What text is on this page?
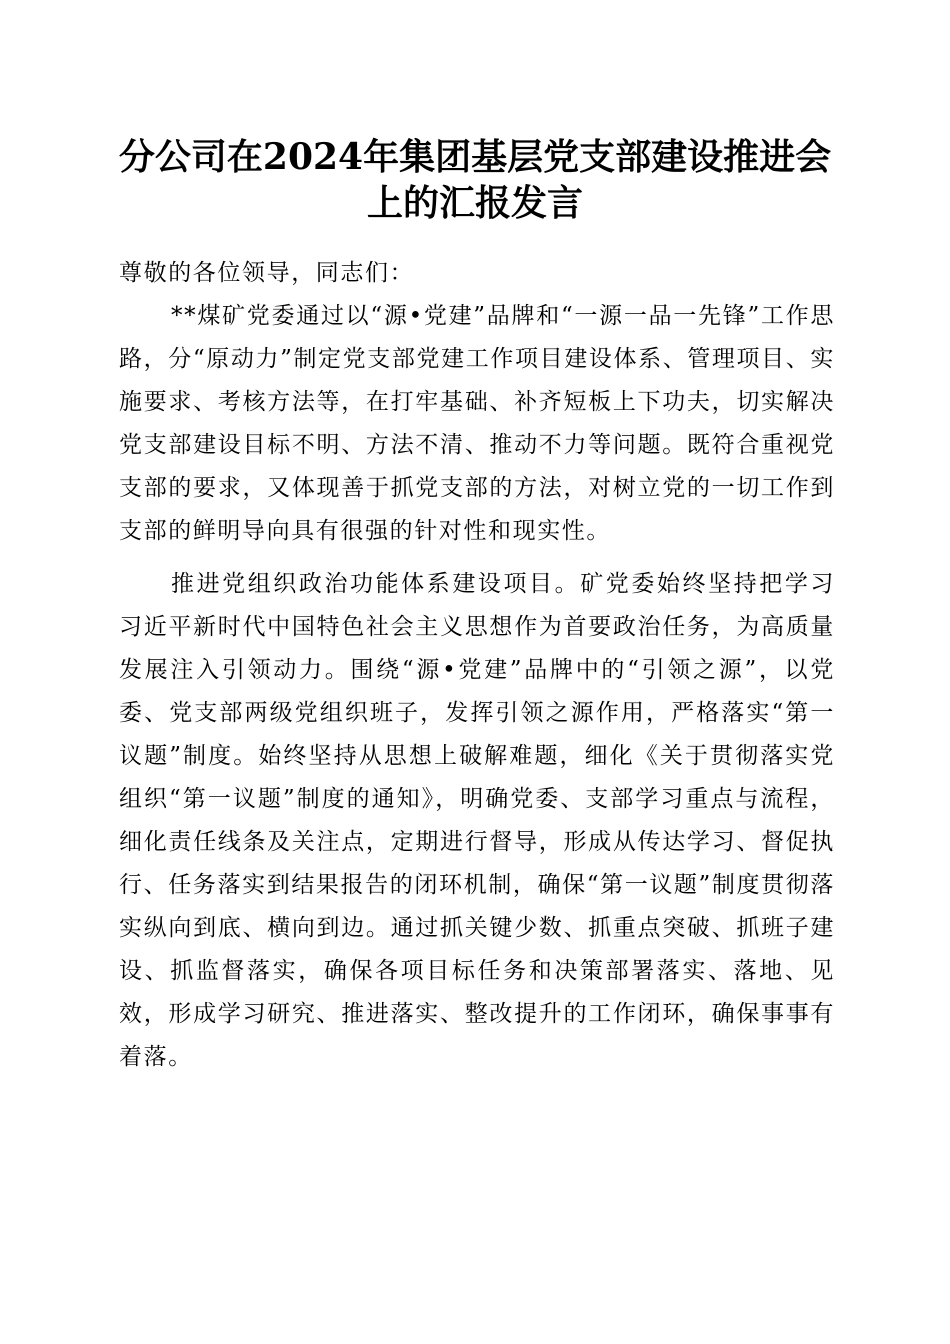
分公司在2024年集团基层党支部建设推进会
上的汇报发言

尊敬的各位领导，同志们：

**煤矿党委通过以“源•党建”品牌和“一源一品一先锋”工作思路，分“原动力”制定党支部党建工作项目建设体系、管理项目、实施要求、考核方法等，在打牢基础、补齐短板上下功夫，切实解决党支部建设目标不明、方法不清、推动不力等问题。既符合重视党支部的要求，又体现善于抓党支部的方法，对树立党的一切工作到支部的鲜明导向具有很强的针对性和现实性。

推进党组织政治功能体系建设项目。矿党委始终坚持把学习习近平新时代中国特色社会主义思想作为首要政治任务，为高质量发展注入引领动力。围绕“源•党建”品牌中的“引领之源”，以党委、党支部两级党组织班子，发挥引领之源作用，严格落实“第一议题”制度。始终坚持从思想上破解难题，细化《关于贯彻落实党组织“第一议题”制度的通知》，明确党委、支部学习重点与流程，细化责任线条及关注点，定期进行督导，形成从传达学习、督促执行、任务落实到结果报告的闭环机制，确保“第一议题”制度贯彻落实纵向到底、横向到边。通过抓关键少数、抓重点突破、抓班子建设、抓监督落实，确保各项目标任务和决策部署落实、落地、见效，形成学习研究、推进落实、整改提升的工作闭环，确保事事有着落。
